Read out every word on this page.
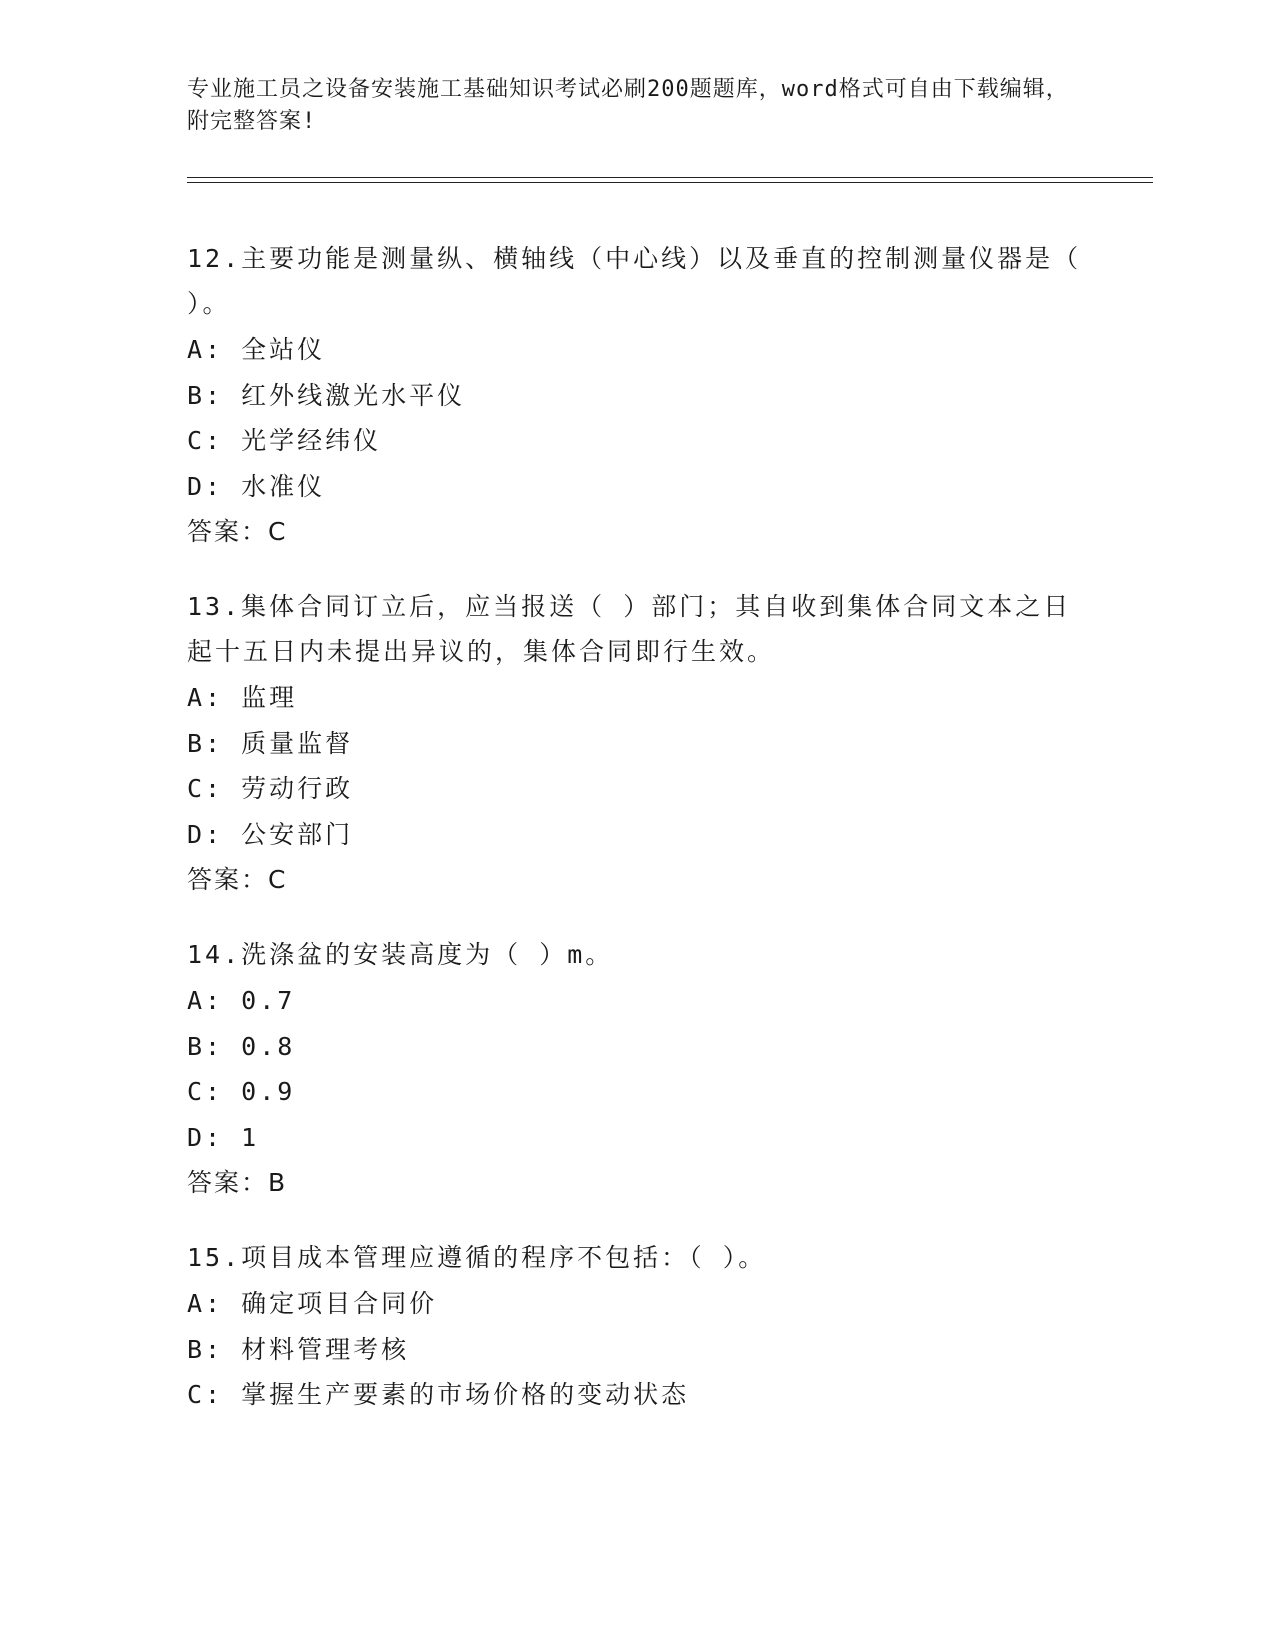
专业施工员之设备安装施工基础知识考试必刷200题题库，word格式可自由下载编辑，附完整答案!
12.主要功能是测量纵、横轴线（中心线）以及垂直的控制测量仪器是（ ）。
A: 全站仪
B: 红外线激光水平仪
C: 光学经纬仪
D: 水准仪
答案：C
13.集体合同订立后，应当报送（ ）部门；其自收到集体合同文本之日起十五日内未提出异议的，集体合同即行生效。
A: 监理
B: 质量监督
C: 劳动行政
D: 公安部门
答案：C
14.洗涤盆的安装高度为（ ）m。
A: 0.7
B: 0.8
C: 0.9
D: 1
答案：B
15.项目成本管理应遵循的程序不包括：（ ）。
A: 确定项目合同价
B: 材料管理考核
C: 掌握生产要素的市场价格的变动状态
